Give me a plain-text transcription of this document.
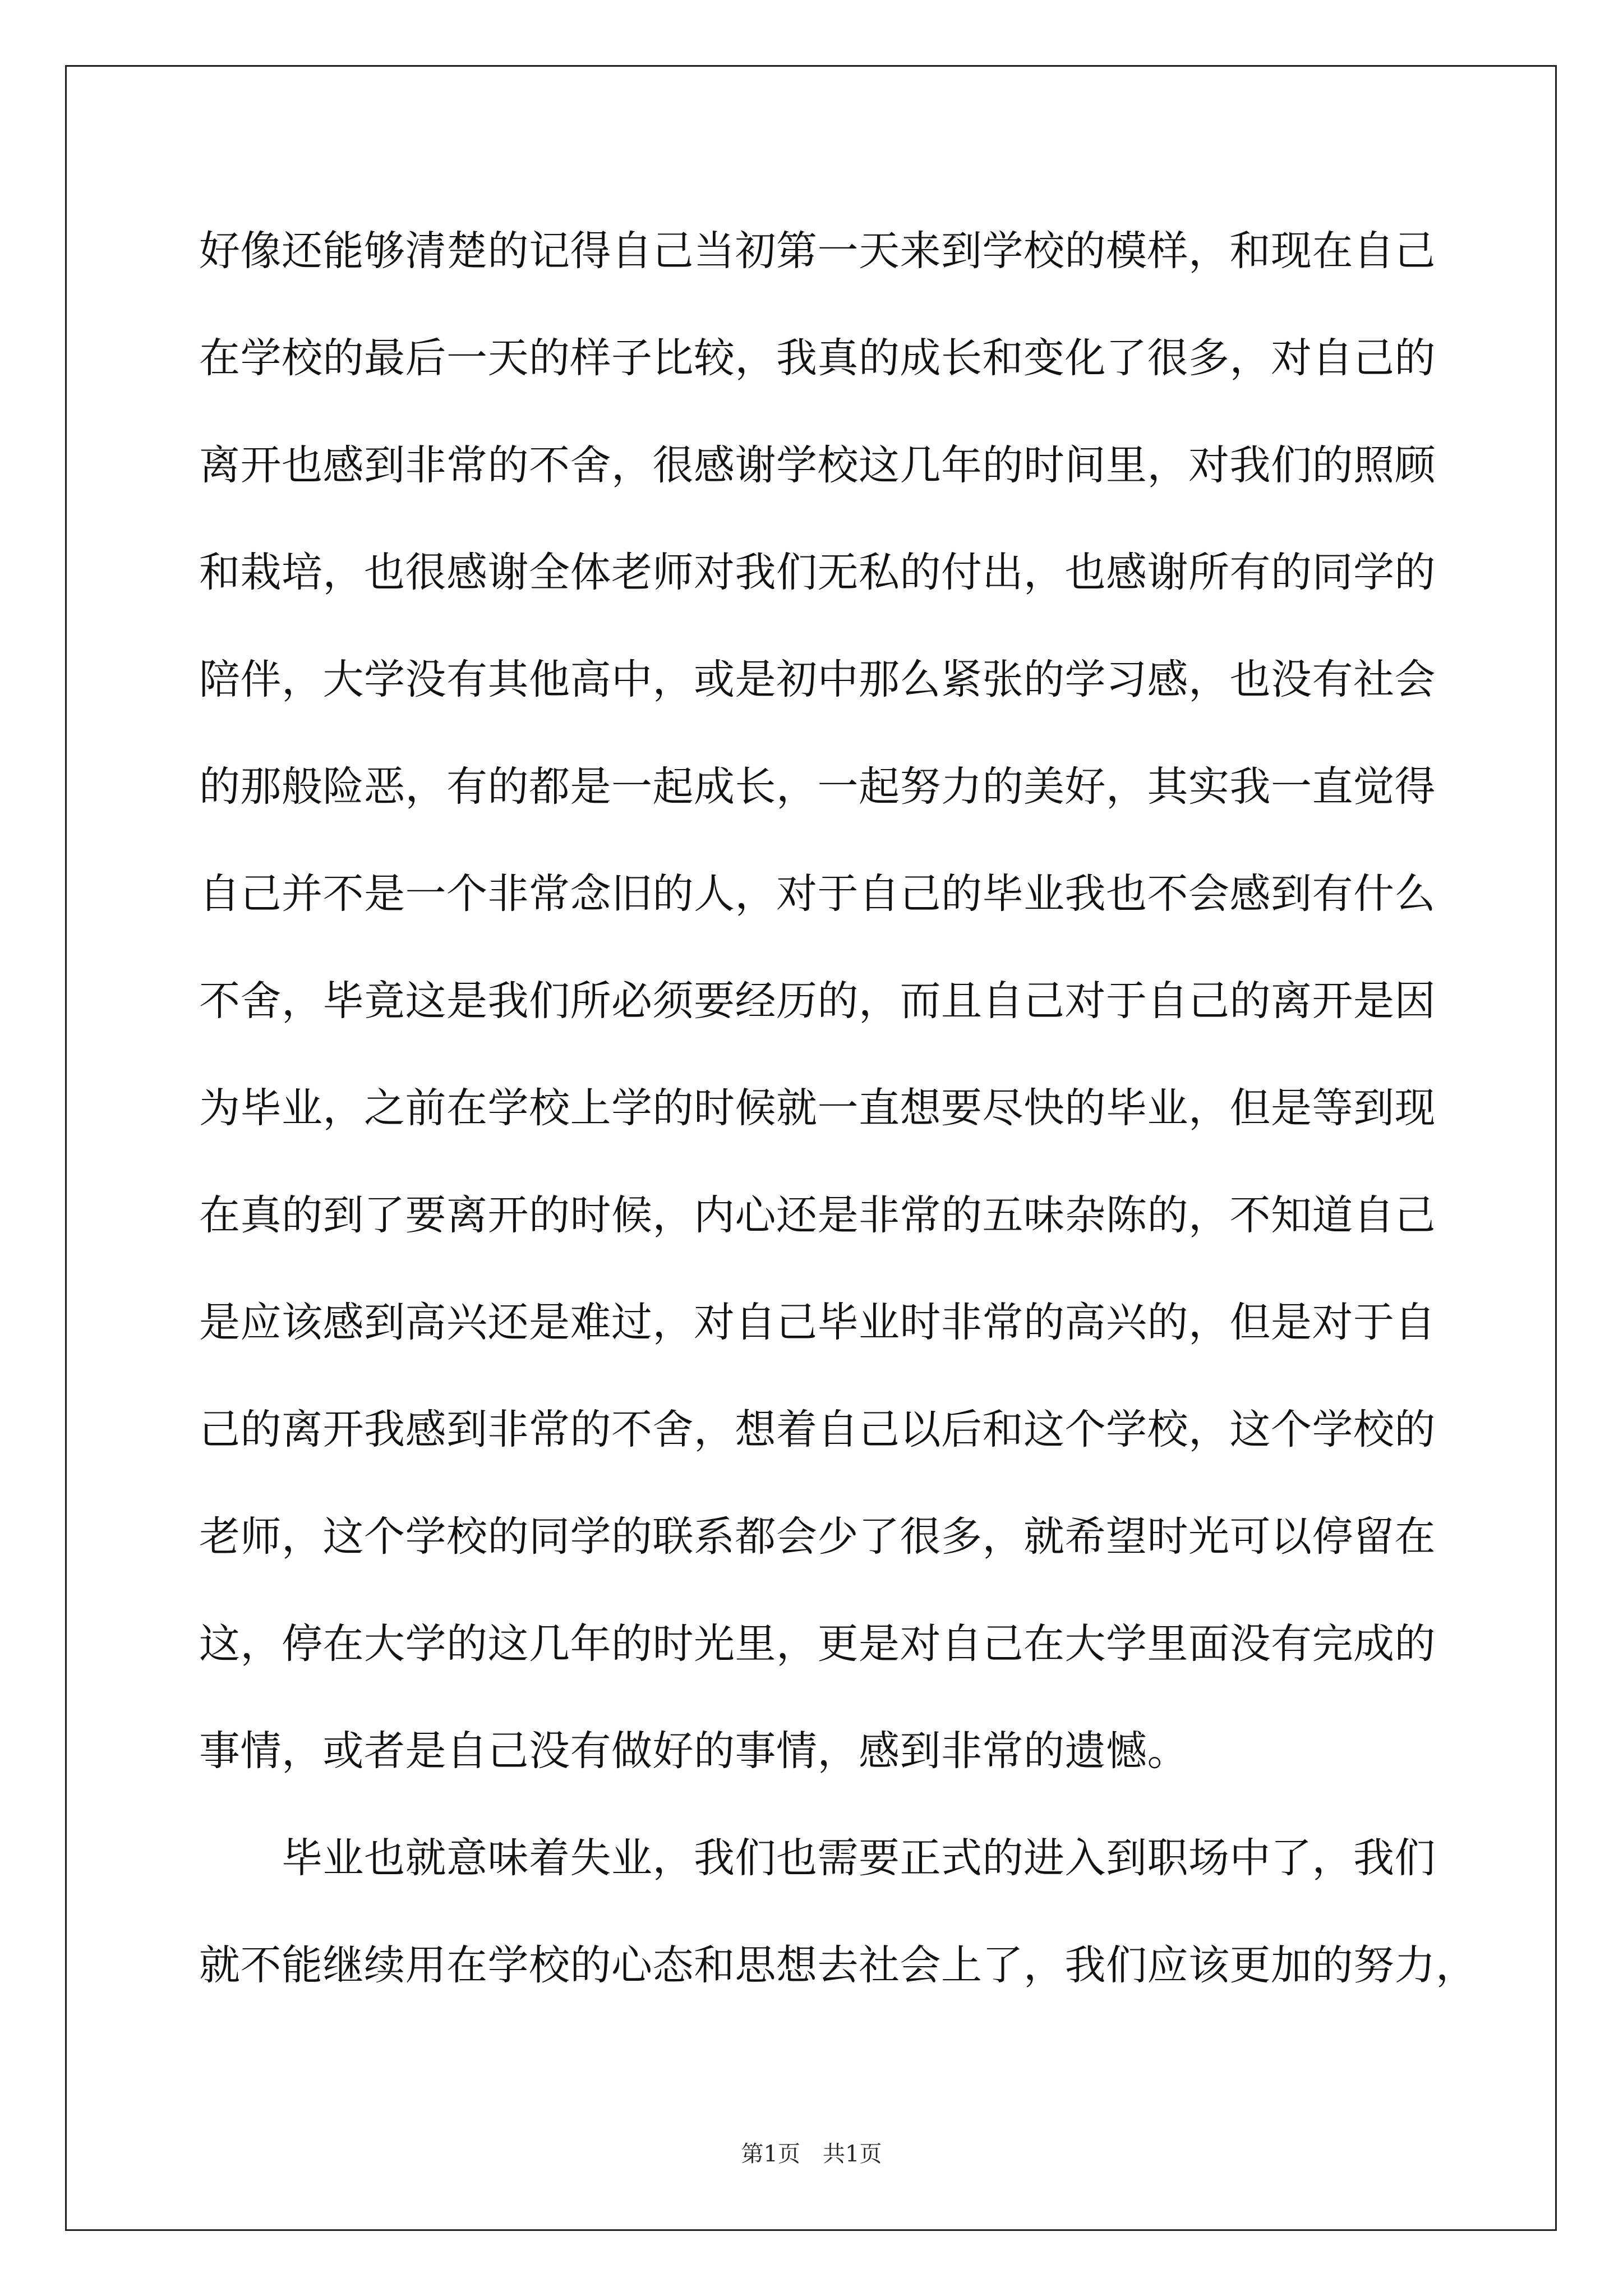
好像还能够清楚的记得自己当初第一天来到学校的模样，和现在自己
在学校的最后一天的样子比较，我真的成长和变化了很多，对自己的
离开也感到非常的不舍，很感谢学校这几年的时间里，对我们的照顾
和栽培，也很感谢全体老师对我们无私的付出，也感谢所有的同学的
陪伴，大学没有其他高中，或是初中那么紧张的学习感，也没有社会
的那般险恶，有的都是一起成长，一起努力的美好，其实我一直觉得
自己并不是一个非常念旧的人，对于自己的毕业我也不会感到有什么
不舍，毕竟这是我们所必须要经历的，而且自己对于自己的离开是因
为毕业，之前在学校上学的时候就一直想要尽快的毕业，但是等到现
在真的到了要离开的时候，内心还是非常的五味杂陈的，不知道自己
是应该感到高兴还是难过，对自己毕业时非常的高兴的，但是对于自
己的离开我感到非常的不舍，想着自己以后和这个学校，这个学校的
老师，这个学校的同学的联系都会少了很多，就希望时光可以停留在
这，停在大学的这几年的时光里，更是对自己在大学里面没有完成的
事情，或者是自己没有做好的事情，感到非常的遗憾。
毕业也就意味着失业，我们也需要正式的进入到职场中了，我们
就不能继续用在学校的心态和思想去社会上了，我们应该更加的努力，
第1页　共1页
